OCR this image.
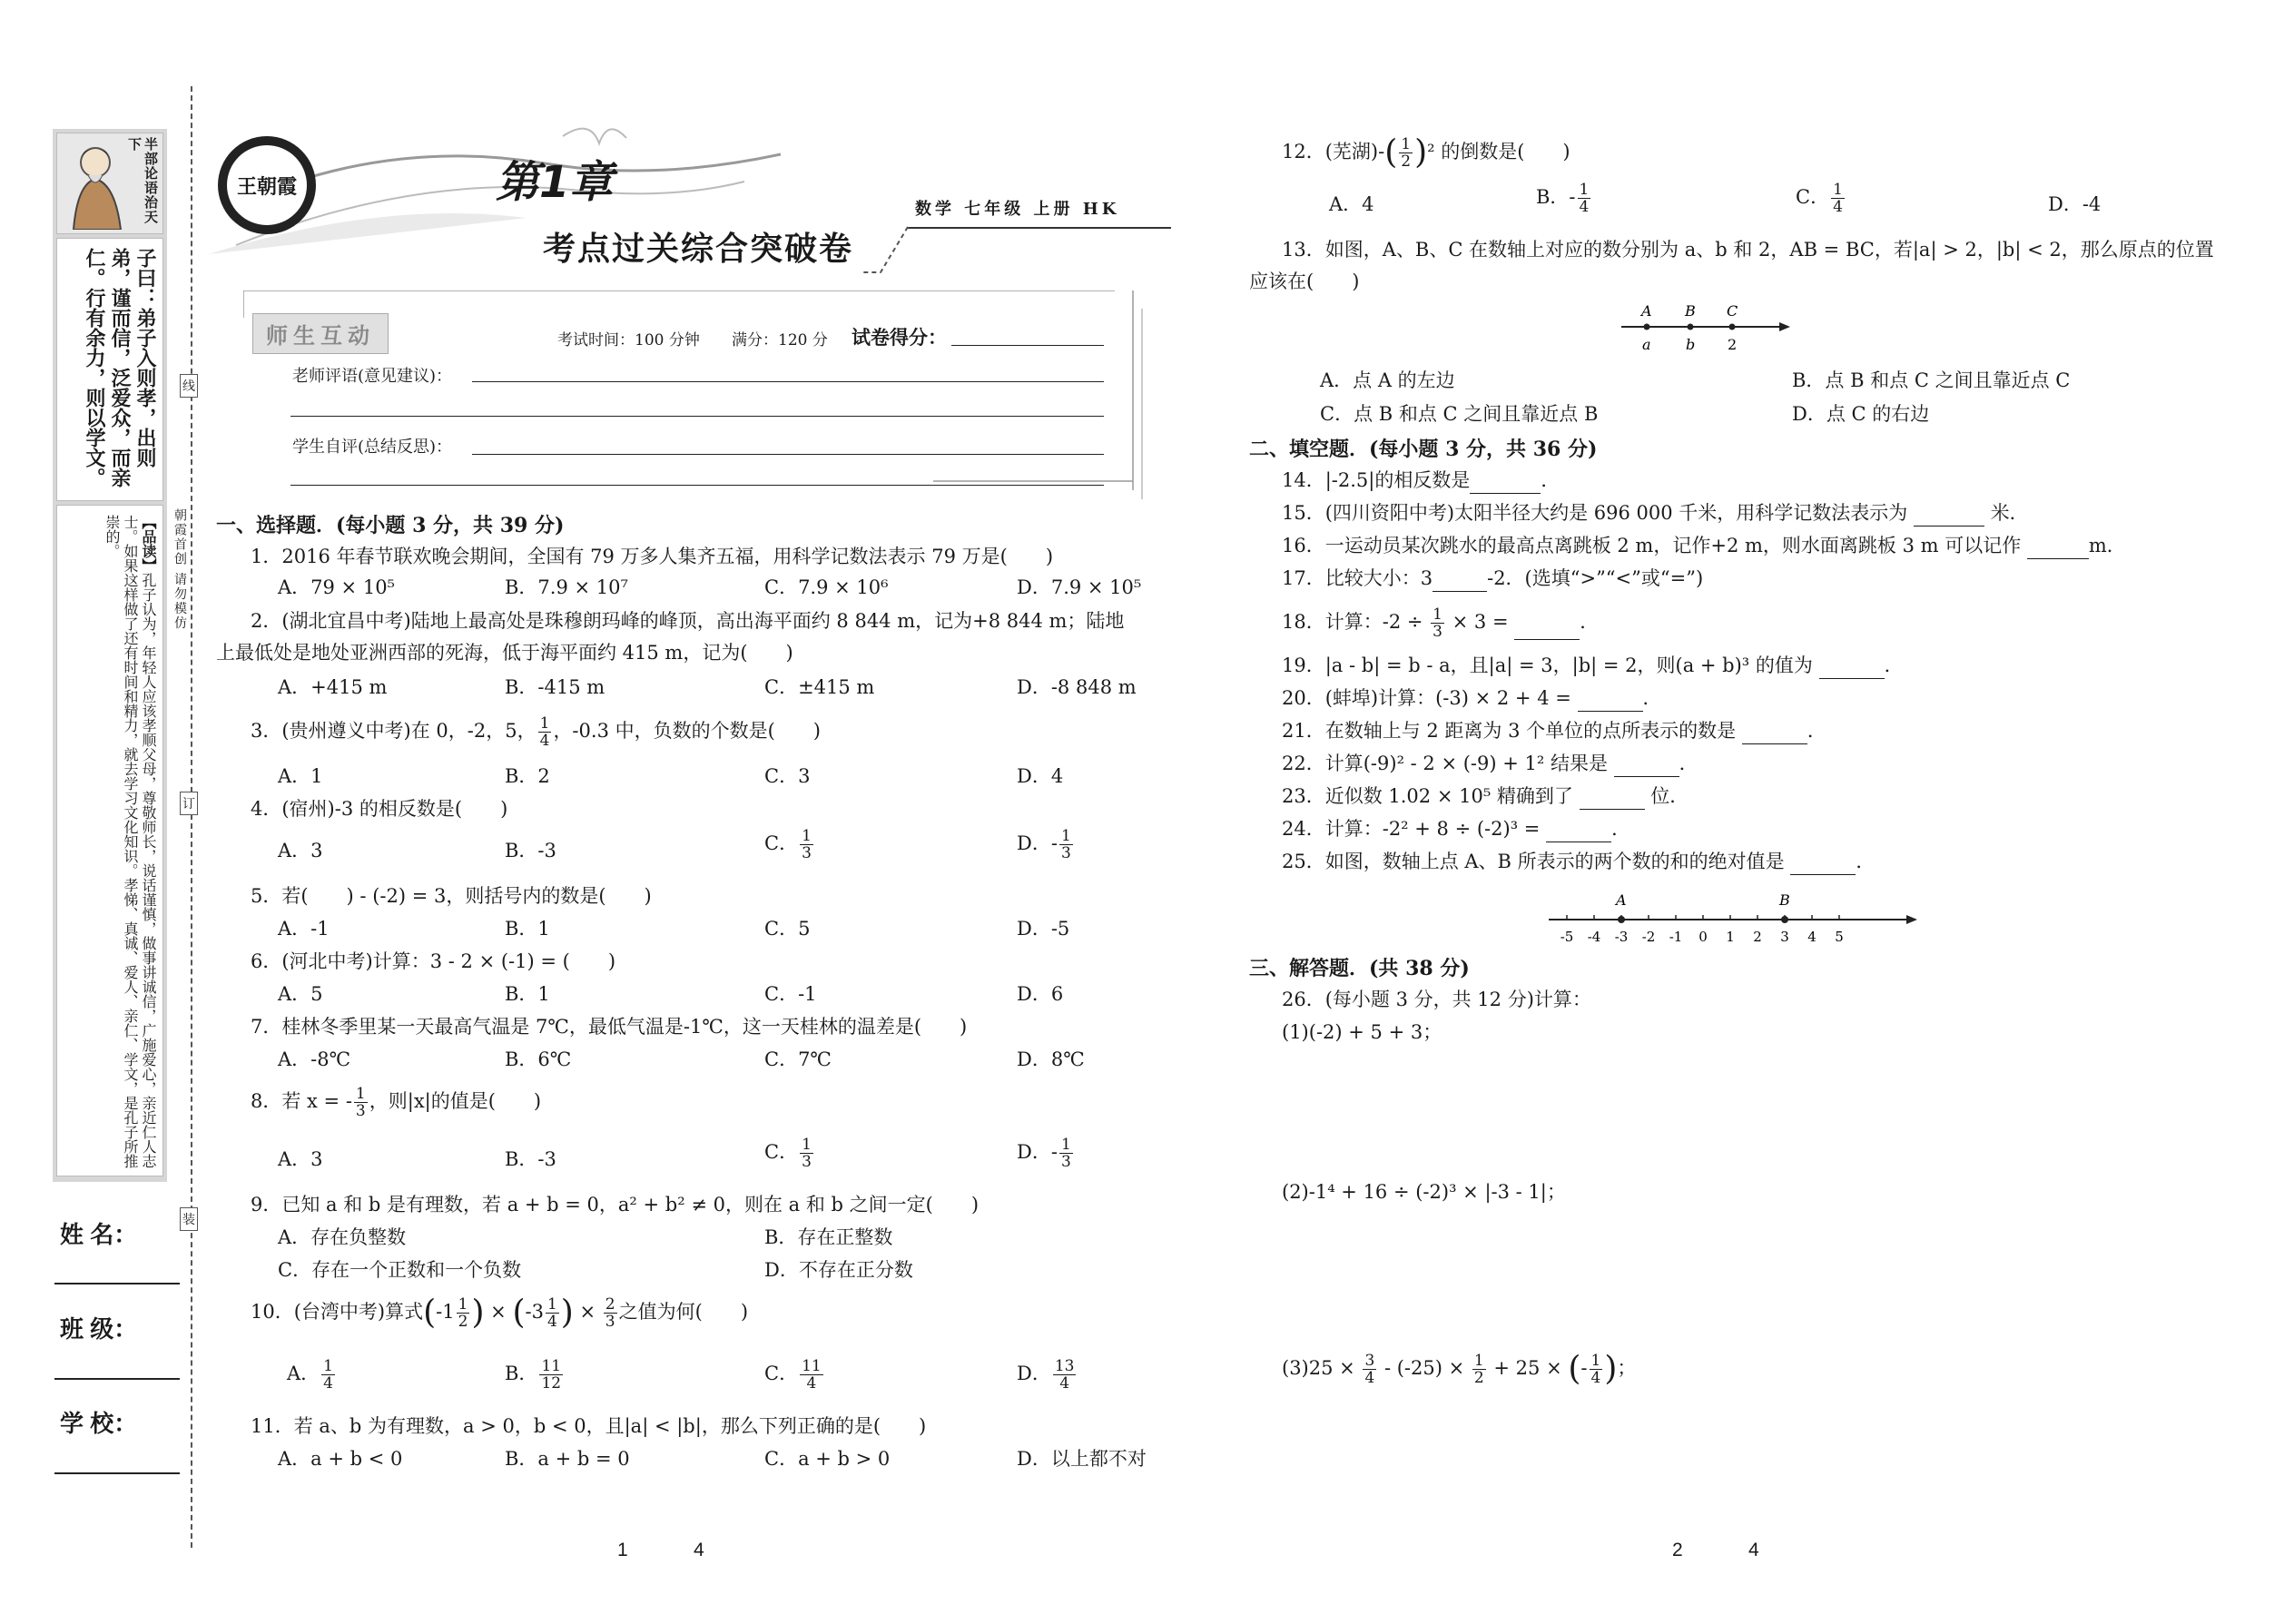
半部论语治天下
子曰：弟子入则孝，出则弟，谨而信，泛爱众，而亲仁。行有余力，则以学文。
【品读】孔子认为，年轻人应该孝顺父母，尊敬师长，说话谨慎，做事讲诚信，广施爱心，亲近仁人志士。如果这样做了还有时间和精力，就去学习文化知识。孝悌、真诚、爱人、亲仁、学文，是孔子所推崇的。
姓 名：
班 级：
学 校：
线
订
装
朝霞首创 请勿模仿
王朝霞	第1章
考点过关综合突破卷
数学 七年级 上册 HK
师生互动	考试时间：100 分钟 满分：120 分 试卷得分：
老师评语(意见建议)：
学生自评(总结反思)：
一、选择题．(每小题 3 分，共 39 分)
1．2016 年春节联欢晚会期间，全国有 79 万多人集齐五福，用科学记数法表示 79 万是(　　)
A．79 × 10⁵	B．7.9 × 10⁷	C．7.9 × 10⁶	D．7.9 × 10⁵
2．(湖北宜昌中考)陆地上最高处是珠穆朗玛峰的峰顶，高出海平面约 8 844 m，记为+8 844 m；陆地
上最低处是地处亚洲西部的死海，低于海平面约 415 m，记为(　　)
A．+415 m	B．-415 m	C．±415 m	D．-8 848 m
3．(贵州遵义中考)在 0，-2，5， $\frac{1}{4}$ ，-0.3 中，负数的个数是(　　)
A．1	B．2	C．3	D．4
4．(宿州)-3 的相反数是(　　)
A．3	B．-3	C． $\frac{1}{3}$	D．- $\frac{1}{3}$
5．若(　　) - (-2) = 3，则括号内的数是(　　)
A．-1	B．1	C．5	D．-5
6．(河北中考)计算：3 - 2 × (-1) = (　　)
A．5	B．1	C．-1	D．6
7．桂林冬季里某一天最高气温是 7℃，最低气温是-1℃，这一天桂林的温差是(　　)
A．-8℃	B．6℃	C．7℃	D．8℃
8．若 x = - $\frac{1}{3}$ ，则|x|的值是(　　)
A．3	B．-3	C． $\frac{1}{3}$	D．- $\frac{1}{3}$
9．已知 a 和 b 是有理数，若 a + b = 0，a² + b² ≠ 0，则在 a 和 b 之间一定(　　)
A．存在负整数	B．存在正整数
C．存在一个正数和一个负数	D．不存在正分数
10．(台湾中考)算式($-1 \frac{1}{2}$ ) × ($-3 \frac{1}{4}$ ) × $\frac{2}{3}$ 之值为何(　　)
A． $\frac{1}{4}$	B． $\frac{11}{12}$	C． $\frac{11}{4}$	D． $\frac{13}{4}$
11．若 a、b 为有理数，a > 0，b < 0，且|a| < |b|，那么下列正确的是(　　)
A．a + b < 0	B．a + b = 0	C．a + b > 0	D．以上都不对
1	4
12．(芜湖)-( $\frac{1}{2} )^2$ 的倒数是(　　)
A．4	B．- $\frac{1}{4}$	C． $\frac{1}{4}$	D．-4
13．如图，A、B、C 在数轴上对应的数分别为 a、b 和 2，AB = BC，若|a| > 2，|b| < 2，那么原点的位置
应该在(　　)
A B C
a b 2
A．点 A 的左边	B．点 B 和点 C 之间且靠近点 C
C．点 B 和点 C 之间且靠近点 B	D．点 C 的右边
二、填空题．(每小题 3 分，共 36 分)
14．|-2.5|的相反数是	．
15．(四川资阳中考)太阳半径大约是 696 000 千米，用科学记数法表示为	米．
16．一运动员某次跳水的最高点离跳板 2 m，记作+2 m，则水面离跳板 3 m 可以记作	m．
17．比较大小：3	-2．(选填“>”“<”或“=”)
18．计算：$-2 \div \frac{1}{3} \times 3$ =	．
19．|a - b| = b - a，且|a| = 3，|b| = 2，则(a + b)³ 的值为	．
20．(蚌埠)计算：(-3) × 2 + 4 =	．
21．在数轴上与 2 距离为 3 个单位的点所表示的数是	．
22．计算(-9)² - 2 × (-9) + 1² 结果是	．
23．近似数 1.02 × 10⁵ 精确到了	位．
24．计算：-2² + 8 ÷ (-2)³ =	．
25．如图，数轴上点 A、B 所表示的两个数的和的绝对值是	．
-5 -4 -3 -2 -1 0 1 2 3 4 5
A	B
三、解答题．(共 38 分)
26．(每小题 3 分，共 12 分)计算：
(1)(-2) + 5 + 3；
(2)-1⁴ + 16 ÷ (-2)³ × |-3 - 1|；
$(3)25 \times \frac{3}{4} - (-25) \times \frac{1}{2} + 25$ × (- $\frac{1}{4}$ )；
2	4
